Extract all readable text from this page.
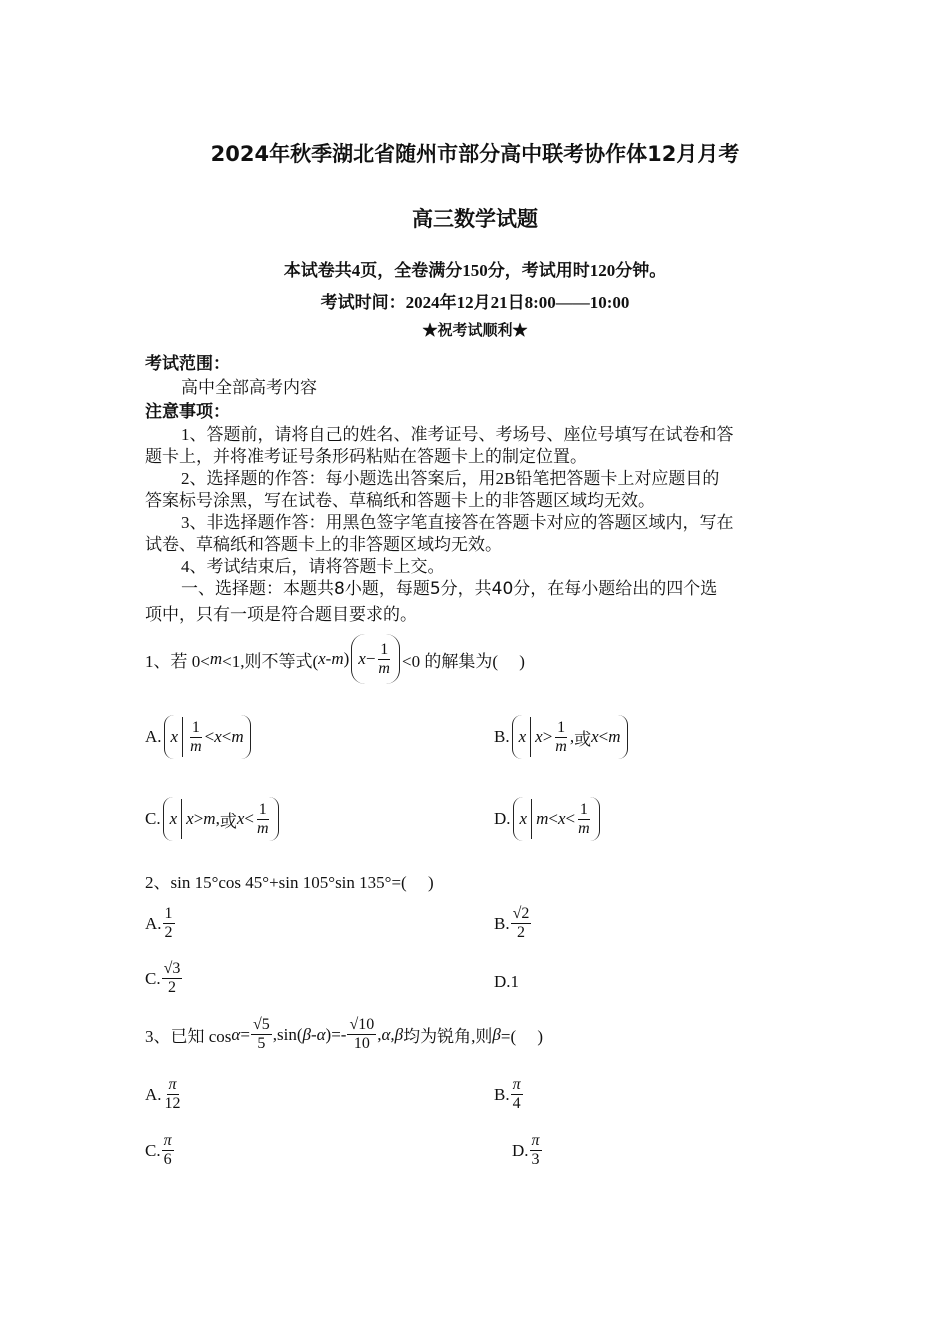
2024年秋季湖北省随州市部分高中联考协作体12月月考
高三数学试题
本试卷共4页，全卷满分150分，考试用时120分钟。
考试时间：2024年12月21日8:00——10:00
★祝考试顺利★
考试范围：
高中全部高考内容
注意事项：
1、答题前，请将自己的姓名、准考证号、考场号、座位号填写在试卷和答
题卡上，并将准考证号条形码粘贴在答题卡上的制定位置。
2、选择题的作答：每小题选出答案后，用2B铅笔把答题卡上对应题目的
答案标号涂黑，写在试卷、草稿纸和答题卡上的非答题区域均无效。
3、非选择题作答：用黑色签字笔直接答在答题卡对应的答题区域内，写在
试卷、草稿纸和答题卡上的非答题区域均无效。
4、考试结束后，请将答题卡上交。
一、选择题：本题共8小题，每题5分，共40分，在每小题给出的四个选
项中，只有一项是符合题目要求的。
1、若 0< m <1,则不等式( x-m ) $x - \frac{1}{m} <0$ 的解集为(　 )
A. x $\frac{1}{m} < x < m$	B. x $x > \frac{1}{m}$ , 或 x < m
C. x x > m , 或 $x < \frac{1}{m}$	D. x $m < x < \frac{1}{m}$
2、sin 15°cos 45°+sin 105°sin 135°=(　 )
A. $\frac{1}{2}$	B. $\frac{√2}{2}$
C. $\frac{√3}{2}$	D.1
3、已知 $\cos \alpha = \frac{√5}{5} ,\sin$( β-α )=- $\frac{√10}{10}$ , α,β 均为锐角,则 β =(　 )
A. $\frac{\pi}{12}$	B. $\frac{\pi}{4}$
C. $\frac{\pi}{6}$	D. $\frac{\pi}{3}$
